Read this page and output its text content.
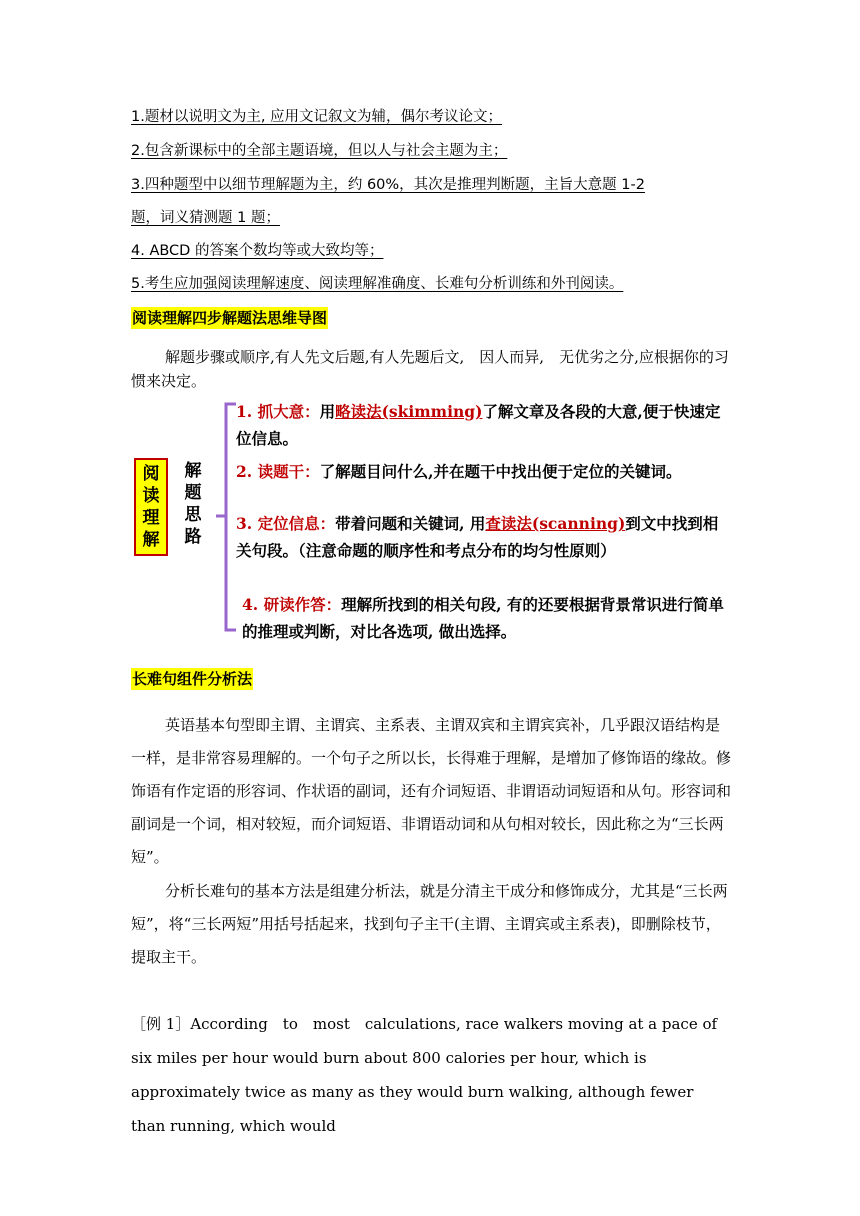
1.题材以说明文为主, 应用文记叙文为辅，偶尔考议论文；
2.包含新课标中的全部主题语境，但以人与社会主题为主；
3.四种题型中以细节理解题为主，约 60%，其次是推理判断题，主旨大意题 1-2
题，词义猜测题 1 题；
4. ABCD 的答案个数均等或大致均等；
5.考生应加强阅读理解速度、阅读理解准确度、长难句分析训练和外刊阅读。
阅读理解四步解题法思维导图
解题步骤或顺序,有人先文后题,有人先题后文,　因人而异,　无优劣之分,应根据你的习惯来决定。
阅
读
理
解
解
题
思
路
1. 抓大意：用略读法(skimming)了解文章及各段的大意,便于快速定位信息。
2. 读题干：了解题目问什么,并在题干中找出便于定位的关键词。
3. 定位信息：带着问题和关键词, 用查读法(scanning)到文中找到相关句段。（注意命题的顺序性和考点分布的均匀性原则）
4. 研读作答：理解所找到的相关句段, 有的还要根据背景常识进行简单的推理或判断，对比各选项, 做出选择。
长难句组件分析法
英语基本句型即主谓、主谓宾、主系表、主谓双宾和主谓宾宾补，几乎跟汉语结构是一样，是非常容易理解的。一个句子之所以长，长得难于理解，是增加了修饰语的缘故。修饰语有作定语的形容词、作状语的副词，还有介词短语、非谓语动词短语和从句。形容词和副词是一个词，相对较短，而介词短语、非谓语动词和从句相对较长，因此称之为“三长两短”。
分析长难句的基本方法是组建分析法，就是分清主干成分和修饰成分，尤其是“三长两短”，将“三长两短”用括号括起来，找到句子主干(主谓、主谓宾或主系表)，即删除枝节，提取主干。
［例 1］According　to　most　calculations, race walkers moving at a pace of six miles per hour would burn about 800 calories per hour, which is approximately twice as many as they would burn walking, although fewer than running, which would
